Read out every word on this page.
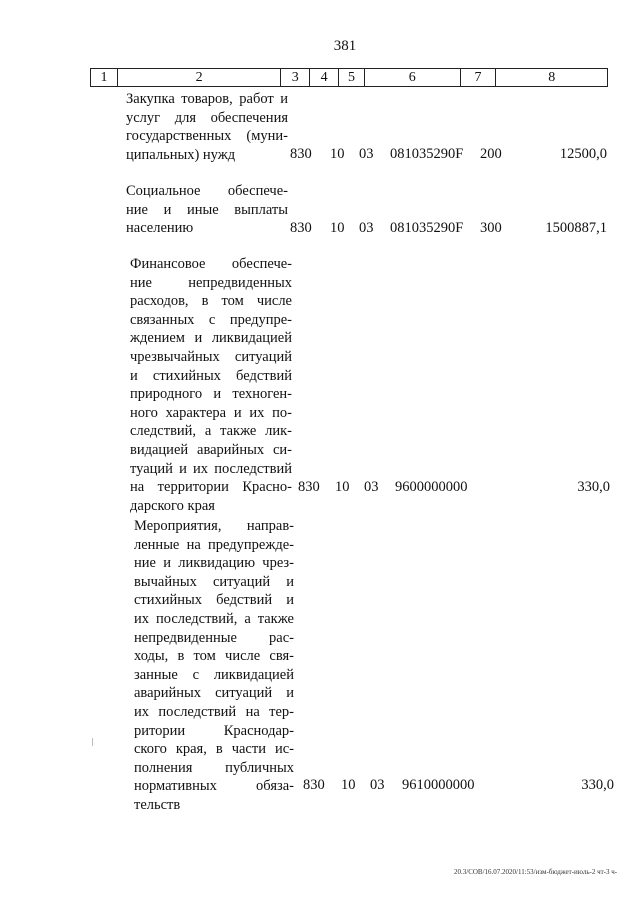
381
1	2	3	4	5	6	7	8
Закупка товаров, работ и
услуг для обеспечения
государственных (муни-
ципальных) нужд	830 10 03 081035290F 200	12500,0
Социальное обеспече-
ние и иные выплаты
населению	830 10 03 081035290F 300	1500887,1
Финансовое обеспече-
ние непредвиденных
расходов, в том числе
связанных с предупре-
ждением и ликвидацией
чрезвычайных ситуаций
и стихийных бедствий
природного и техноген-
ного характера и их по-
следствий, а также лик-
видацией аварийных си-
туаций и их последствий
на территории Красно-
дарского края
830 10 03 9600000000	330,0
Мероприятия, направ-
ленные на предупрежде-
ние и ликвидацию чрез-
вычайных ситуаций и
стихийных бедствий и
их последствий, а также
непредвиденные рас-
ходы, в том числе свя-
занные с ликвидацией
аварийных ситуаций и
их последствий на тер-
ритории Краснодар-
ского края, в части ис-
полнения публичных
нормативных обяза-
тельств
830 10 03 9610000000	330,0
20.3/СОВ/16.07.2020/11:53/изм-бюджет-июль-2 чт-3 ч-
